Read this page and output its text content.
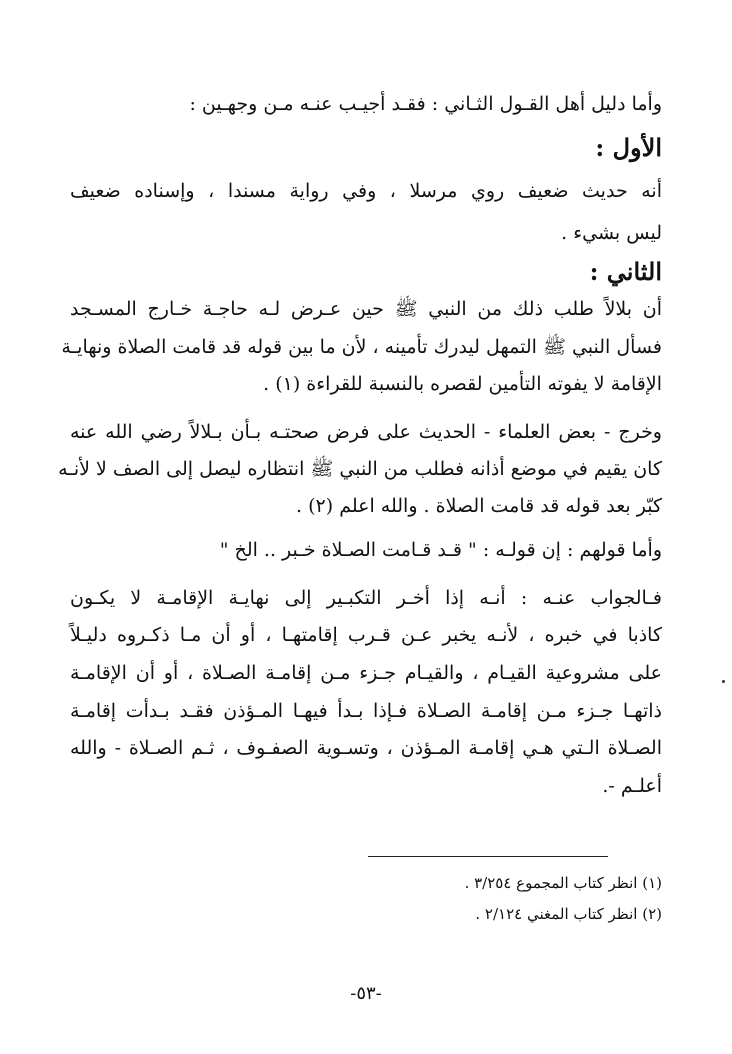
وأما دليل أهل القـول الثـاني : فقـد أجيـب عنـه مـن وجهـين :
الأول :
أنه حديث ضعيف روي مرسلا ، وفي رواية مسندا ، وإسناده ضعيف
ليس بشيء .
الثاني :
أن بلالاً طلب ذلك من النبي ﷺ حين عـرض لـه حاجـة خـارج المسـجد
فسأل النبي ﷺ التمهل ليدرك تأمينه ، لأن ما بين قوله قد قامت الصلاة ونهايـة
الإقامة لا يفوته التأمين لقصره بالنسبة للقراءة (١) .
وخرج - بعض العلماء - الحديث على فرض صحتـه بـأن بـلالاً رضي الله عنه
كان يقيم في موضع أذانه فطلب من النبي ﷺ انتظاره ليصل إلى الصف لا لأنـه
كبّر بعد قوله قد قامت الصلاة . والله اعلم (٢) .
وأما قولهم : إن قولـه : " قـد قـامت الصـلاة خـبر .. الخ "
فـالجواب عنـه : أنـه إذا أخـر التكبـير إلى نهايـة الإقامـة لا يكـون
كاذبا في خبره ، لأنـه يخبر عـن قـرب إقامتهـا ، أو أن مـا ذكـروه دليـلاً
على مشروعية القيـام ، والقيـام جـزء مـن إقامـة الصـلاة ، أو أن الإقامـة
ذاتهـا جـزء مـن إقامـة الصـلاة فـإذا بـدأ فيهـا المـؤذن فقـد بـدأت إقامـة
الصـلاة الـتي هـي إقامـة المـؤذن ، وتسـوية الصفـوف ، ثـم الصـلاة - والله
أعلـم -.
(١) انظر كتاب المجموع ٣/٢٥٤ .
(٢) انظر كتاب المغني ٢/١٢٤ .
-٥٣-
